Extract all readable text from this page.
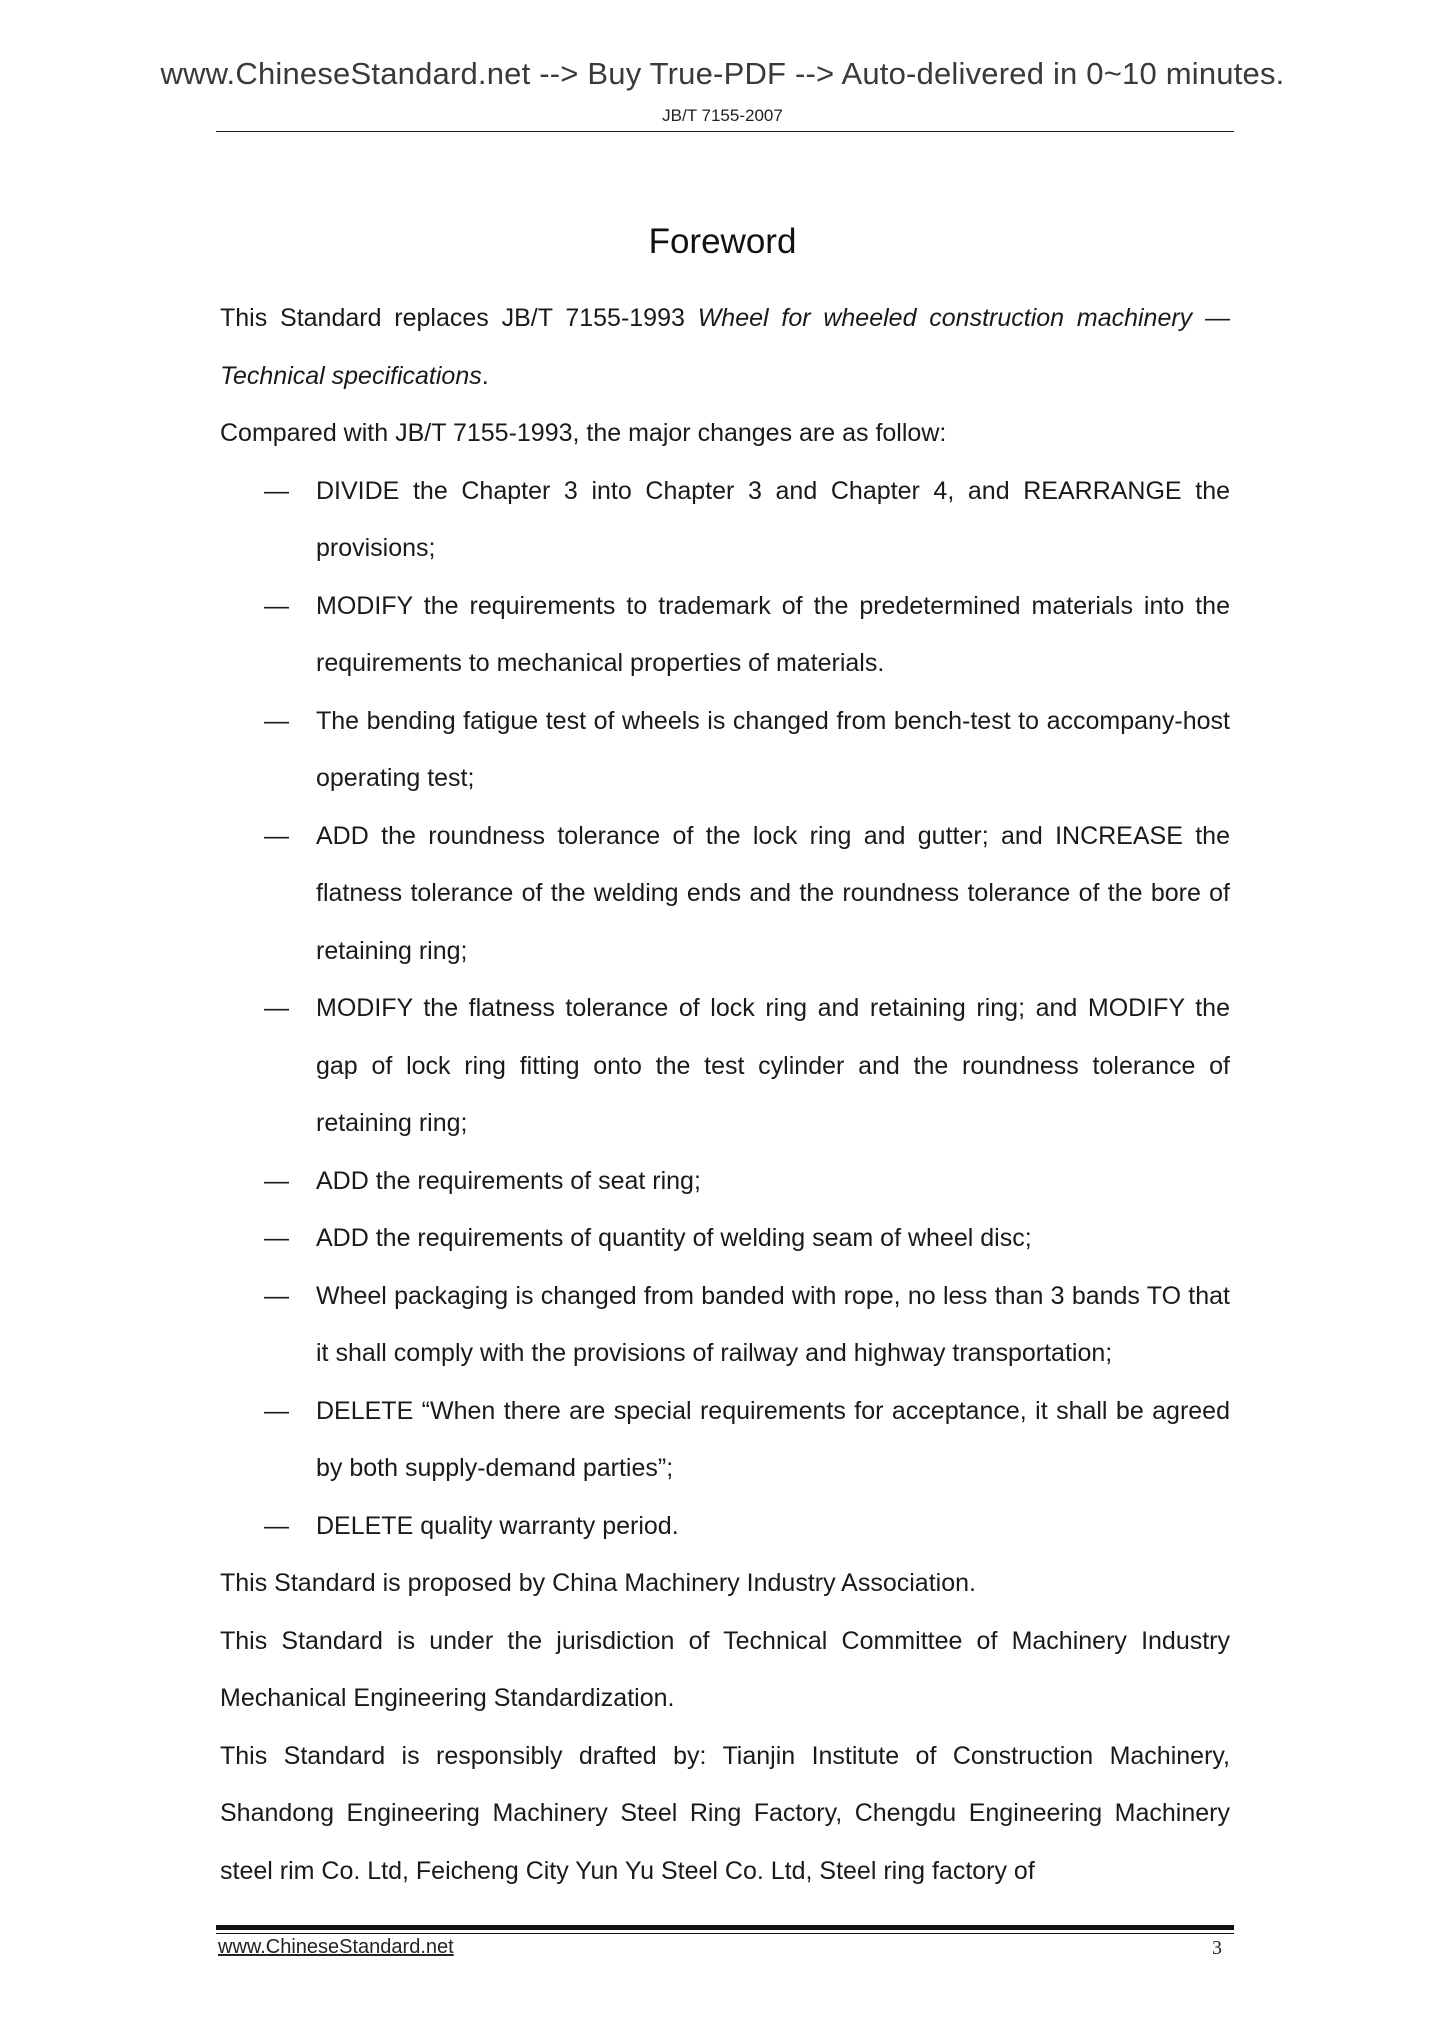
www.ChineseStandard.net --> Buy True-PDF --> Auto-delivered in 0~10 minutes.
JB/T 7155-2007
Foreword

This Standard replaces JB/T 7155-1993 Wheel for wheeled construction machinery — Technical specifications.

Compared with JB/T 7155-1993, the major changes are as follow:

— DIVIDE the Chapter 3 into Chapter 3 and Chapter 4, and REARRANGE the provisions;
— MODIFY the requirements to trademark of the predetermined materials into the requirements to mechanical properties of materials.
— The bending fatigue test of wheels is changed from bench-test to accompany-host operating test;
— ADD the roundness tolerance of the lock ring and gutter; and INCREASE the flatness tolerance of the welding ends and the roundness tolerance of the bore of retaining ring;
— MODIFY the flatness tolerance of lock ring and retaining ring; and MODIFY the gap of lock ring fitting onto the test cylinder and the roundness tolerance of retaining ring;
— ADD the requirements of seat ring;
— ADD the requirements of quantity of welding seam of wheel disc;
— Wheel packaging is changed from banded with rope, no less than 3 bands TO that it shall comply with the provisions of railway and highway transportation;
— DELETE “When there are special requirements for acceptance, it shall be agreed by both supply-demand parties”;
— DELETE quality warranty period.

This Standard is proposed by China Machinery Industry Association.

This Standard is under the jurisdiction of Technical Committee of Machinery Industry Mechanical Engineering Standardization.

This Standard is responsibly drafted by: Tianjin Institute of Construction Machinery, Shandong Engineering Machinery Steel Ring Factory, Chengdu Engineering Machinery steel rim Co. Ltd, Feicheng City Yun Yu Steel Co. Ltd, Steel ring factory of

www.ChineseStandard.net	3
